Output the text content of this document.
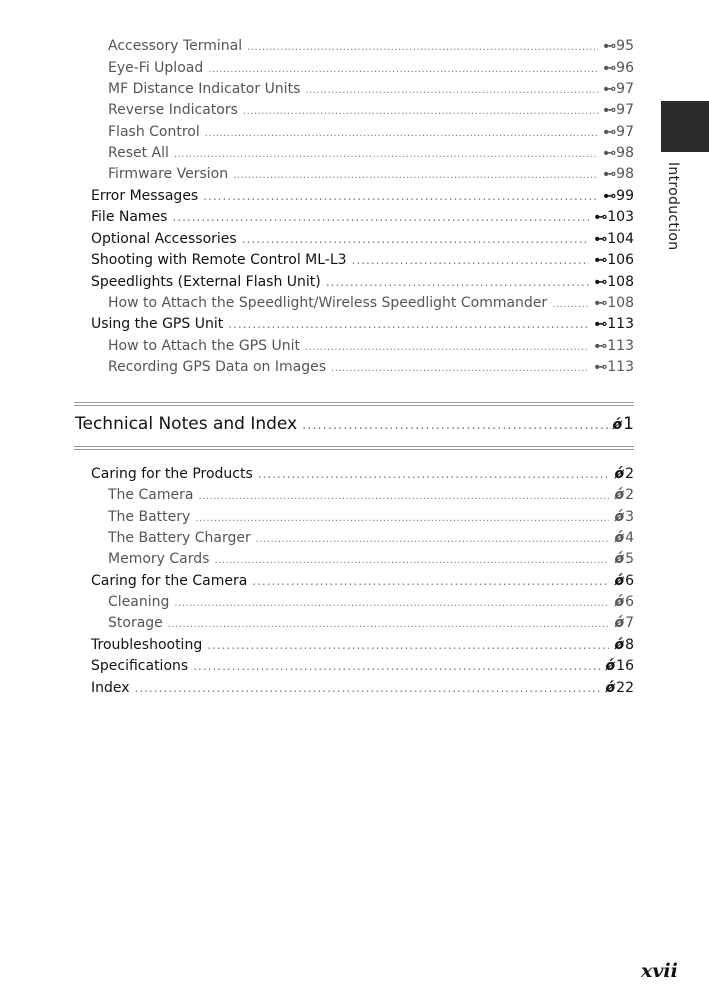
Accessory Terminal .....	⊷ 95
Eye-Fi Upload .....	⊷ 96
MF Distance Indicator Units .....	⊷ 97
Reverse Indicators .....	⊷ 97
Flash Control .....	⊷ 97
Reset All .....	⊷ 98
Firmware Version .....	⊷ 98
Error Messages .....	⊷ 99
File Names .....	⊷ 103
Optional Accessories .....	⊷ 104
Shooting with Remote Control ML-L3 .....	⊷ 106
Speedlights (External Flash Unit) .....	⊷ 108
How to Attach the Speedlight/Wireless Speedlight Commander .....	⊷ 108
Using the GPS Unit .....	⊷ 113
How to Attach the GPS Unit .....	⊷ 113
Recording GPS Data on Images .....	⊷ 113
Technical Notes and Index .....	ǿ 1
Caring for the Products .....	ǿ 2
The Camera .....	ǿ 2
The Battery .....	ǿ 3
The Battery Charger .....	ǿ 4
Memory Cards .....	ǿ 5
Caring for the Camera .....	ǿ 6
Cleaning .....	ǿ 6
Storage .....	ǿ 7
Troubleshooting .....	ǿ 8
Specifications .....	ǿ 16
Index .....	ǿ 22
Introduction
xvii
